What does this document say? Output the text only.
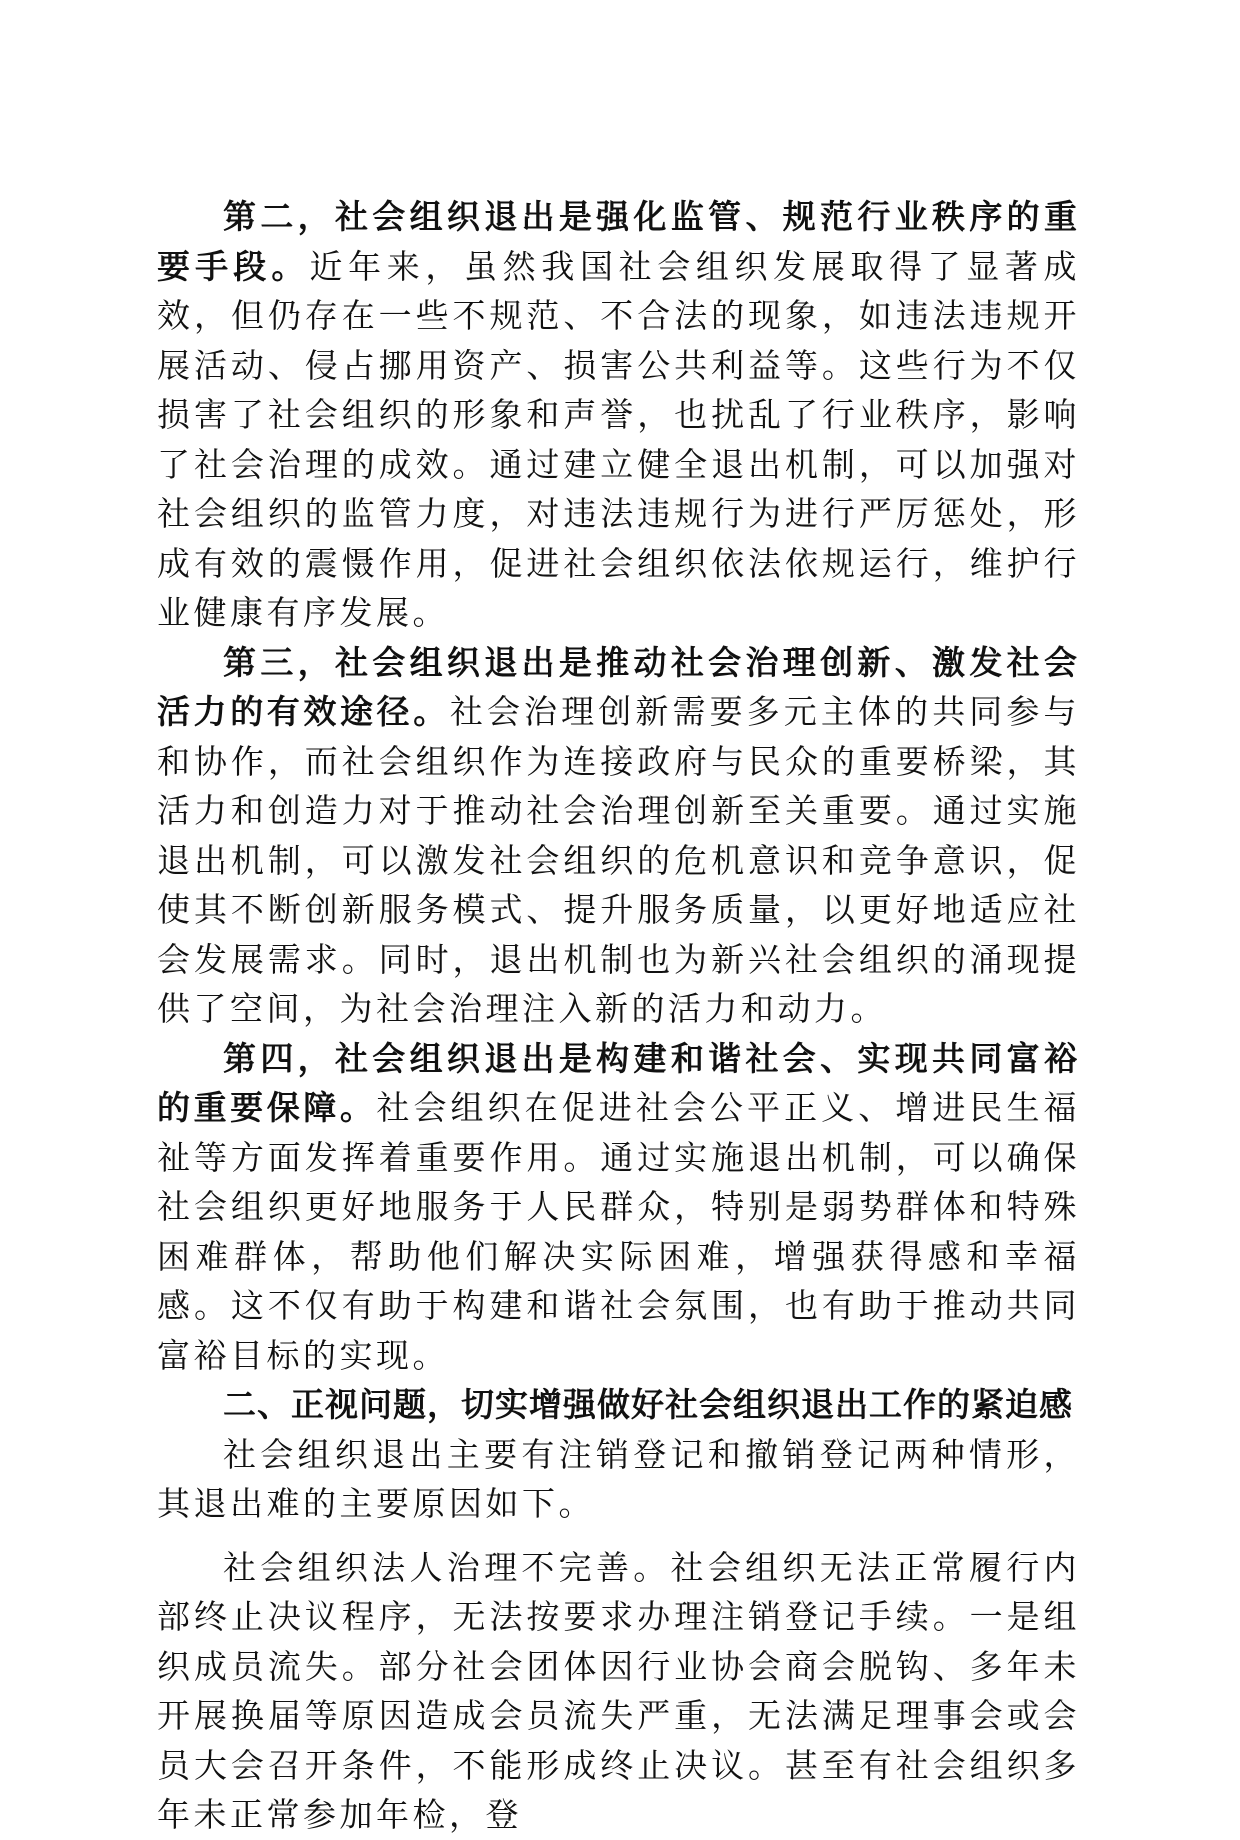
第二，社会组织退出是强化监管、规范行业秩序的重要手段。近年来，虽然我国社会组织发展取得了显著成效，但仍存在一些不规范、不合法的现象，如违法违规开展活动、侵占挪用资产、损害公共利益等。这些行为不仅损害了社会组织的形象和声誉，也扰乱了行业秩序，影响了社会治理的成效。通过建立健全退出机制，可以加强对社会组织的监管力度，对违法违规行为进行严厉惩处，形成有效的震慑作用，促进社会组织依法依规运行，维护行业健康有序发展。

第三，社会组织退出是推动社会治理创新、激发社会活力的有效途径。社会治理创新需要多元主体的共同参与和协作，而社会组织作为连接政府与民众的重要桥梁，其活力和创造力对于推动社会治理创新至关重要。通过实施退出机制，可以激发社会组织的危机意识和竞争意识，促使其不断创新服务模式、提升服务质量，以更好地适应社会发展需求。同时，退出机制也为新兴社会组织的涌现提供了空间，为社会治理注入新的活力和动力。

第四，社会组织退出是构建和谐社会、实现共同富裕的重要保障。社会组织在促进社会公平正义、增进民生福祉等方面发挥着重要作用。通过实施退出机制，可以确保社会组织更好地服务于人民群众，特别是弱势群体和特殊困难群体，帮助他们解决实际困难，增强获得感和幸福感。这不仅有助于构建和谐社会氛围，也有助于推动共同富裕目标的实现。

二、正视问题，切实增强做好社会组织退出工作的紧迫感

社会组织退出主要有注销登记和撤销登记两种情形，其退出难的主要原因如下。

社会组织法人治理不完善。社会组织无法正常履行内部终止决议程序，无法按要求办理注销登记手续。一是组织成员流失。部分社会团体因行业协会商会脱钩、多年未开展换届等原因造成会员流失严重，无法满足理事会或会员大会召开条件，不能形成终止决议。甚至有社会组织多年未正常参加年检，登
